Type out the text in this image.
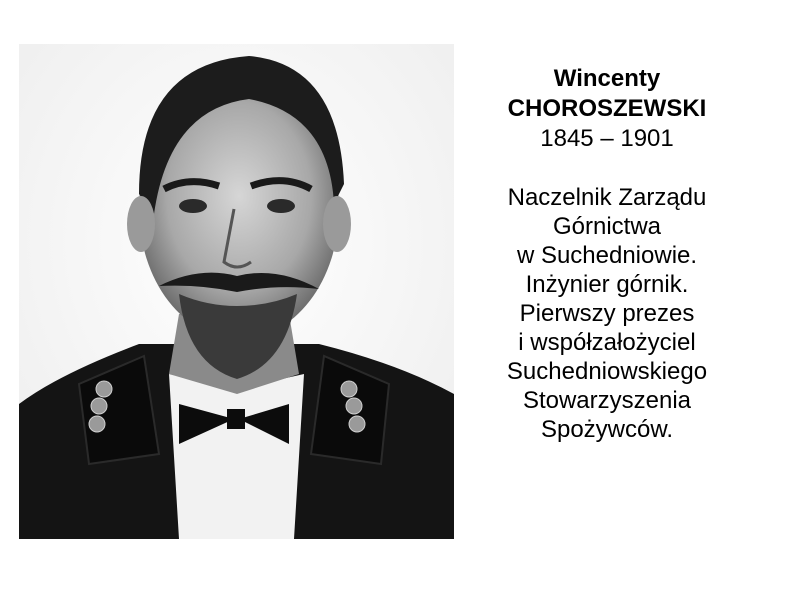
Wincenty
CHOROSZEWSKI
1845 – 1901
Naczelnik Zarządu
Górnictwa
w Suchedniowie.
Inżynier górnik.
Pierwszy prezes
i współzałożyciel
Suchedniowskiego
Stowarzyszenia
Spożywców.
